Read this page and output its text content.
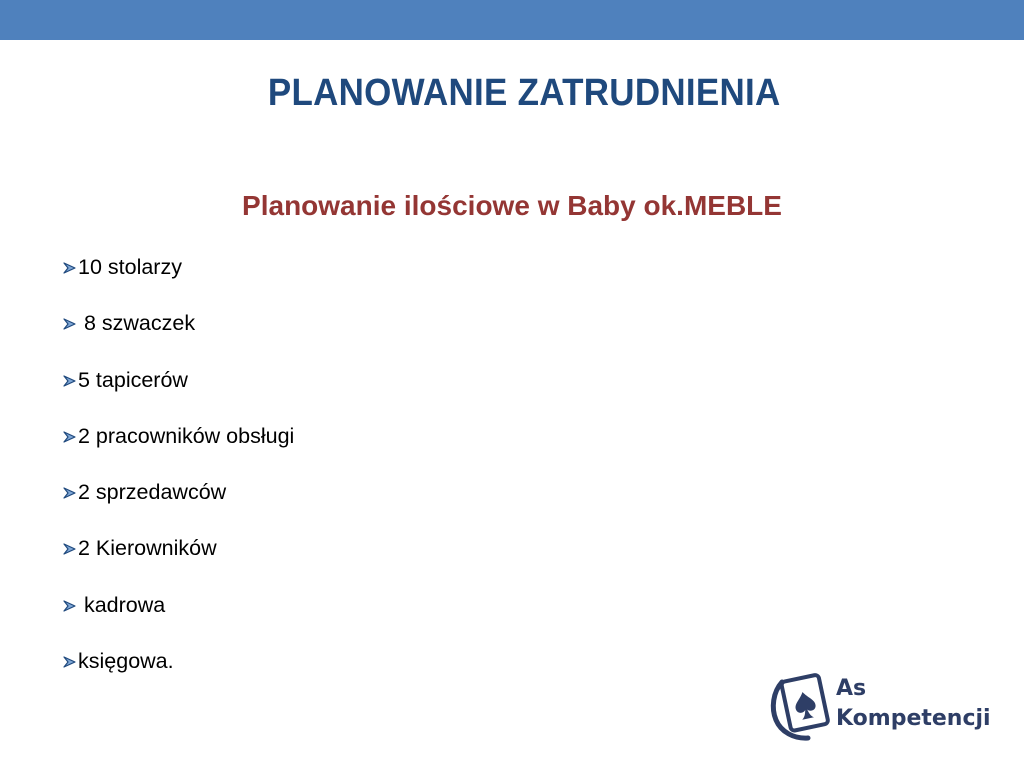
PLANOWANIE ZATRUDNIENIA
Planowanie ilościowe w Baby ok.MEBLE

10 stolarzy

8 szwaczek

5 tapicerów

2 pracowników obsługi

2 sprzedawców

2 Kierowników

kadrowa

księgowa.
As
Kompetencji
